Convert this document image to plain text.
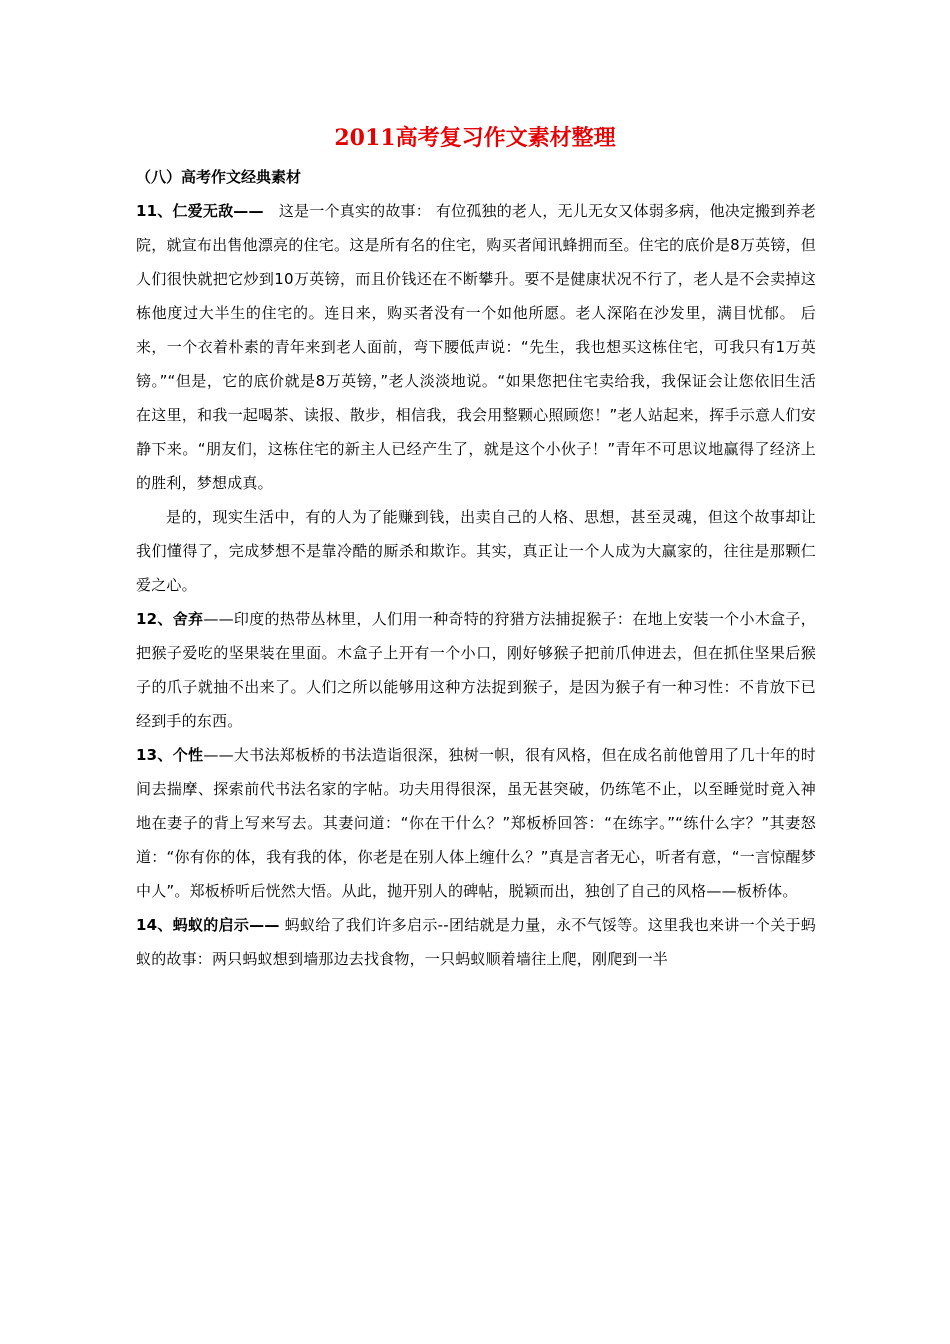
2011高考复习作文素材整理

（八）高考作文经典素材

11、仁爱无敌——　这是一个真实的故事： 有位孤独的老人，无儿无女又体弱多病，他决定搬到养老院，就宣布出售他漂亮的住宅。这是所有名的住宅，购买者闻讯蜂拥而至。住宅的底价是8万英镑，但人们很快就把它炒到10万英镑，而且价钱还在不断攀升。要不是健康状况不行了，老人是不会卖掉这栋他度过大半生的住宅的。连日来，购买者没有一个如他所愿。老人深陷在沙发里，满目忧郁。 后来，一个衣着朴素的青年来到老人面前，弯下腰低声说：“先生，我也想买这栋住宅，可我只有1万英镑。”“但是，它的底价就是8万英镑，”老人淡淡地说。“如果您把住宅卖给我，我保证会让您依旧生活在这里，和我一起喝茶、读报、散步，相信我，我会用整颗心照顾您！”老人站起来，挥手示意人们安静下来。“朋友们，这栋住宅的新主人已经产生了，就是这个小伙子！”青年不可思议地赢得了经济上的胜利，梦想成真。

是的，现实生活中，有的人为了能赚到钱，出卖自己的人格、思想，甚至灵魂，但这个故事却让我们懂得了，完成梦想不是靠冷酷的厮杀和欺诈。其实，真正让一个人成为大赢家的，往往是那颗仁爱之心。

12、舍弃——印度的热带丛林里，人们用一种奇特的狩猎方法捕捉猴子：在地上安装一个小木盒子，把猴子爱吃的坚果装在里面。木盒子上开有一个小口，刚好够猴子把前爪伸进去，但在抓住坚果后猴子的爪子就抽不出来了。人们之所以能够用这种方法捉到猴子，是因为猴子有一种习性：不肯放下已经到手的东西。

13、个性——大书法郑板桥的书法造诣很深，独树一帜，很有风格，但在成名前他曾用了几十年的时间去揣摩、探索前代书法名家的字帖。功夫用得很深，虽无甚突破，仍练笔不止，以至睡觉时竟入神地在妻子的背上写来写去。其妻问道：“你在干什么？”郑板桥回答：“在练字。”“练什么字？”其妻怒道：“你有你的体，我有我的体，你老是在别人体上缠什么？”真是言者无心，听者有意，“一言惊醒梦中人”。郑板桥听后恍然大悟。从此，抛开别人的碑帖，脱颖而出，独创了自己的风格——板桥体。

14、蚂蚁的启示—— 蚂蚁给了我们许多启示--团结就是力量，永不气馁等。这里我也来讲一个关于蚂蚁的故事：两只蚂蚁想到墙那边去找食物，一只蚂蚁顺着墙往上爬，刚爬到一半
